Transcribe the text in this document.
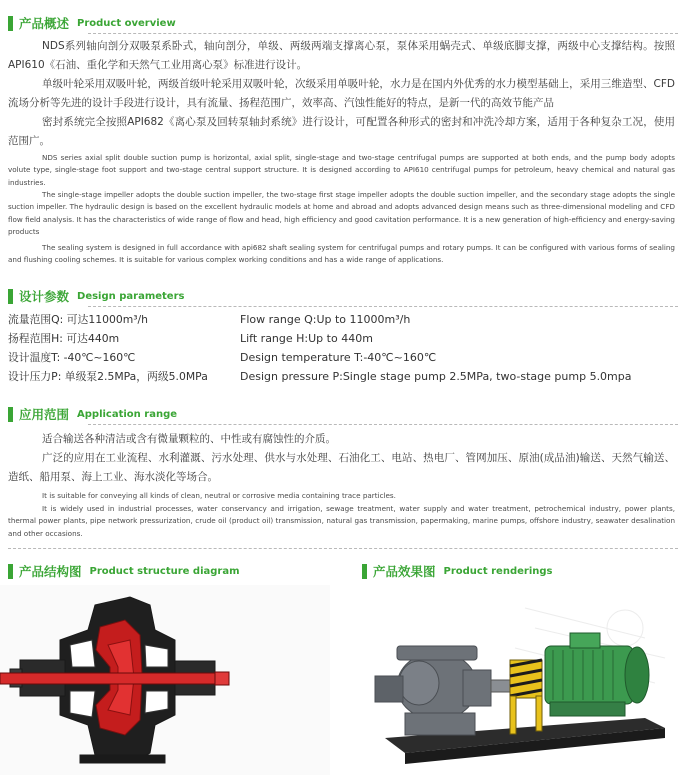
产品概述 Product overview
NDS系列轴向剖分双吸泵系卧式，轴向剖分，单级、两级两端支撑离心泵，泵体采用蜗壳式、单级底脚支撑，两级中心支撑结构。按照API610《石油、重化学和天然气工业用离心泵》标准进行设计。
单级叶轮采用双吸叶轮，两级首级叶轮采用双吸叶轮，次级采用单吸叶轮，水力是在国内外优秀的水力模型基础上，采用三维造型、CFD流场分析等先进的设计手段进行设计，具有流量、扬程范围广，效率高、汽蚀性能好的特点，是新一代的高效节能产品
密封系统完全按照API682《离心泵及回转泵轴封系统》进行设计，可配置各种形式的密封和冲洗冷却方案，适用于各种复杂工况，使用范围广。
NDS series axial split double suction pump is horizontal, axial split, single-stage and two-stage centrifugal pumps are supported at both ends, and the pump body adopts volute type, single-stage foot support and two-stage central support structure. It is designed according to API610 centrifugal pumps for petroleum, heavy chemical and natural gas industries.
The single-stage impeller adopts the double suction impeller, the two-stage first stage impeller adopts the double suction impeller, and the secondary stage adopts the single suction impeller. The hydraulic design is based on the excellent hydraulic models at home and abroad and adopts advanced design means such as three-dimensional modeling and CFD flow field analysis. It has the characteristics of wide range of flow and head, high efficiency and good cavitation performance. It is a new generation of high-efficiency and energy-saving products
The sealing system is designed in full accordance with api682 shaft sealing system for centrifugal pumps and rotary pumps. It can be configured with various forms of sealing and flushing cooling schemes. It is suitable for various complex working conditions and has a wide range of applications.
设计参数 Design parameters
流量范围Q: 可达11000m³/h
扬程范围H: 可达440m
设计温度T: -40℃~160℃
设计压力P: 单级泵2.5MPa，两级5.0MPa
Flow range Q:Up to 11000m³/h
Lift range H:Up to 440m
Design temperature T:-40℃~160℃
Design pressure P:Single stage pump 2.5MPa, two-stage pump 5.0mpa
应用范围 Application range
适合输送各种清洁或含有微量颗粒的、中性或有腐蚀性的介质。
广泛的应用在工业流程、水利灌溉、污水处理、供水与水处理、石油化工、电站、热电厂、管网加压、原油(成品油)输送、天然气输送、造纸、船用泵、海上工业、海水淡化等场合。
It is suitable for conveying all kinds of clean, neutral or corrosive media containing trace particles.
It is widely used in industrial processes, water conservancy and irrigation, sewage treatment, water supply and water treatment, petrochemical industry, power plants, thermal power plants, pipe network pressurization, crude oil (product oil) transmission, natural gas transmission, papermaking, marine pumps, offshore industry, seawater desalination and other occasions.
产品结构图 Product structure diagram	产品效果图 Product renderings
